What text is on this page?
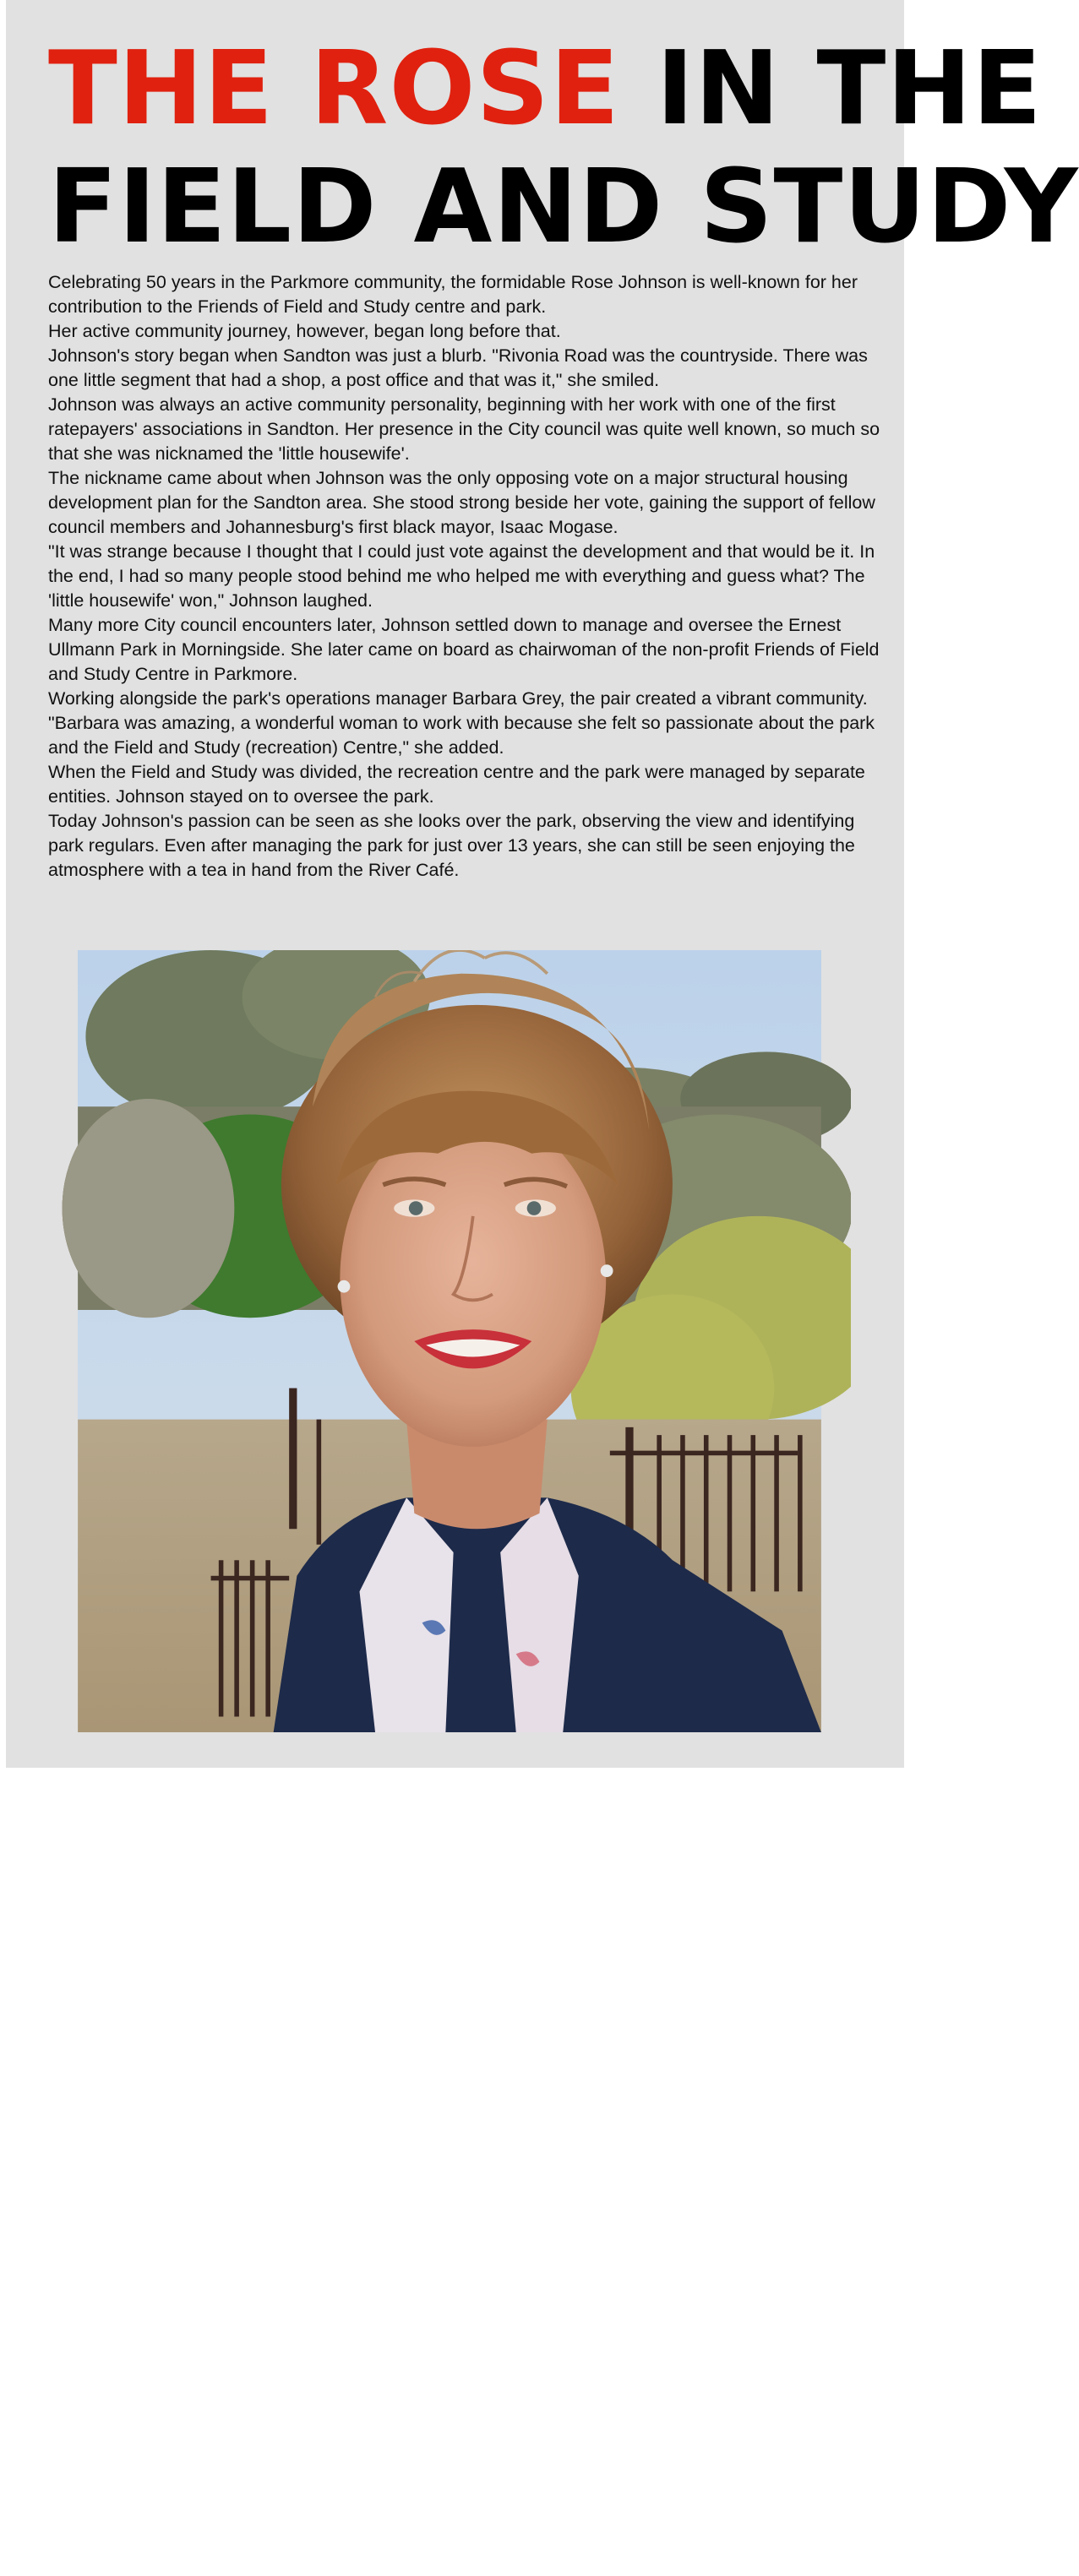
THE ROSE IN THE
FIELD AND STUDY

Celebrating 50 years in the Parkmore community, the formidable Rose Johnson is well-known for her contribution to the Friends of Field and Study centre and park.

Her active community journey, however, began long before that.

Johnson's story began when Sandton was just a blurb. "Rivonia Road was the countryside. There was one little segment that had a shop, a post office and that was it," she smiled.

Johnson was always an active community personality, beginning with her work with one of the first ratepayers' associations in Sandton. Her presence in the City council was quite well known, so much so that she was nicknamed the 'little housewife'.

The nickname came about when Johnson was the only opposing vote on a major structural housing development plan for the Sandton area. She stood strong beside her vote, gaining the support of fellow council members and Johannesburg's first black mayor, Isaac Mogase.

"It was strange because I thought that I could just vote against the development and that would be it. In the end, I had so many people stood behind me who helped me with everything and guess what? The 'little housewife' won," Johnson laughed.

Many more City council encounters later, Johnson settled down to manage and oversee the Ernest Ullmann Park in Morningside. She later came on board as chairwoman of the non-profit Friends of Field and Study Centre in Parkmore.

Working alongside the park's operations manager Barbara Grey, the pair created a vibrant community.

"Barbara was amazing, a wonderful woman to work with because she felt so passionate about the park and the Field and Study (recreation) Centre," she added.

When the Field and Study was divided, the recreation centre and the park were managed by separate entities. Johnson stayed on to oversee the park.

Today Johnson's passion can be seen as she looks over the park, observing the view and identifying park regulars. Even after managing the park for just over 13 years, she can still be seen enjoying the atmosphere with a tea in hand from the River Café.
